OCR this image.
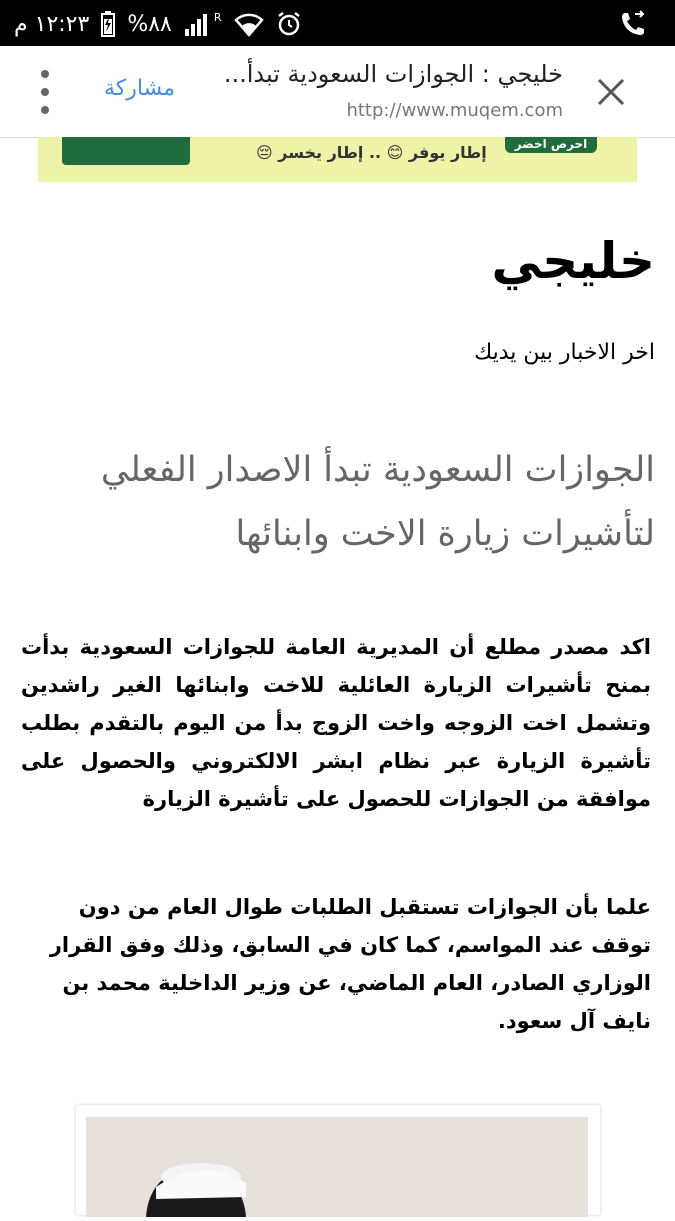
١٢:٢٣ م %٨٨	R
مشاركة
خليجي : الجوازات السعودية تبدأ...
http://www.muqem.com
إطار يوفر 😊 .. إطار يخسر 😔	احرص اخضر
خليجي
اخر الاخبار بين يديك
الجوازات السعودية تبدأ الاصدار الفعلي لتأشيرات زيارة الاخت وابنائها
اكد مصدر مطلع أن المديرية العامة للجوازات السعودية بدأت بمنح تأشيرات الزيارة العائلية للاخت وابنائها الغير راشدين وتشمل اخت الزوجه واخت الزوج بدأ من اليوم بالتقدم بطلب تأشيرة الزيارة عبر نظام ابشر الالكتروني والحصول على موافقة من الجوازات للحصول على تأشيرة الزيارة
علما بأن الجوازات تستقبل الطلبات طوال العام من دون توقف عند المواسم، كما كان في السابق، وذلك وفق القرار الوزاري الصادر، العام الماضي، عن وزير الداخلية محمد بن نايف آل سعود.
